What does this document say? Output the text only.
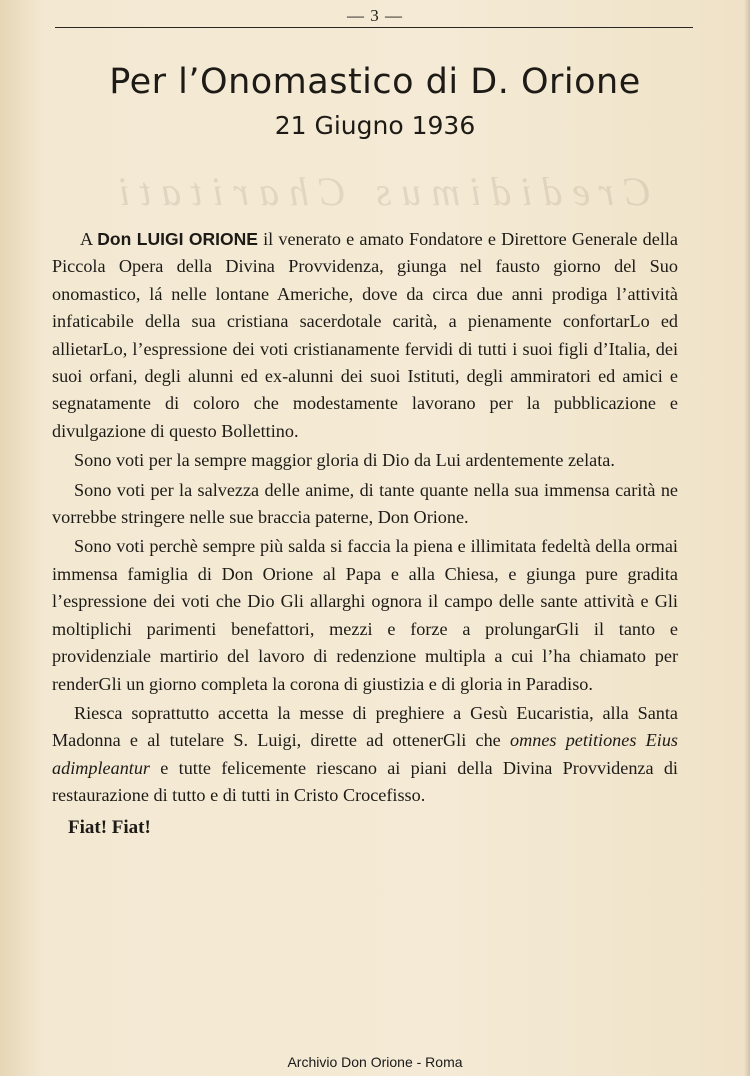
— 3 —
Credidimus Charitati
Per l’Onomastico di D. Orione
21 Giugno 1936

A Don LUIGI ORIONE il venerato e amato Fondatore e Direttore Generale della Piccola Opera della Divina Provvidenza, giunga nel fausto giorno del Suo onomastico, lá nelle lontane Americhe, dove da circa due anni prodiga l’attività infaticabile della sua cristiana sacerdotale carità, a pienamente confortarLo ed allietarLo, l’espressione dei voti cristianamente fervidi di tutti i suoi figli d’Italia, dei suoi orfani, degli alunni ed ex-alunni dei suoi Istituti, degli ammiratori ed amici e segnatamente di coloro che modestamente lavorano per la pubblicazione e divulgazione di questo Bollettino.

Sono voti per la sempre maggior gloria di Dio da Lui ardentemente zelata.

Sono voti per la salvezza delle anime, di tante quante nella sua immensa carità ne vorrebbe stringere nelle sue braccia paterne, Don Orione.

Sono voti perchè sempre più salda si faccia la piena e illimitata fedeltà della ormai immensa famiglia di Don Orione al Papa e alla Chiesa, e giunga pure gradita l’espressione dei voti che Dio Gli allarghi ognora il campo delle sante attività e Gli moltiplichi parimenti benefattori, mezzi e forze a prolungarGli il tanto e providenziale martirio del lavoro di redenzione multipla a cui l’ha chiamato per renderGli un giorno completa la corona di giustizia e di gloria in Paradiso.

Riesca soprattutto accetta la messe di preghiere a Gesù Eucaristia, alla Santa Madonna e al tutelare S. Luigi, dirette ad ottenerGli che omnes petitiones Eius adimpleantur e tutte felicemente riescano ai piani della Divina Provvidenza di restaurazione di tutto e di tutti in Cristo Crocefisso.

Fiat! Fiat!
Archivio Don Orione - Roma
